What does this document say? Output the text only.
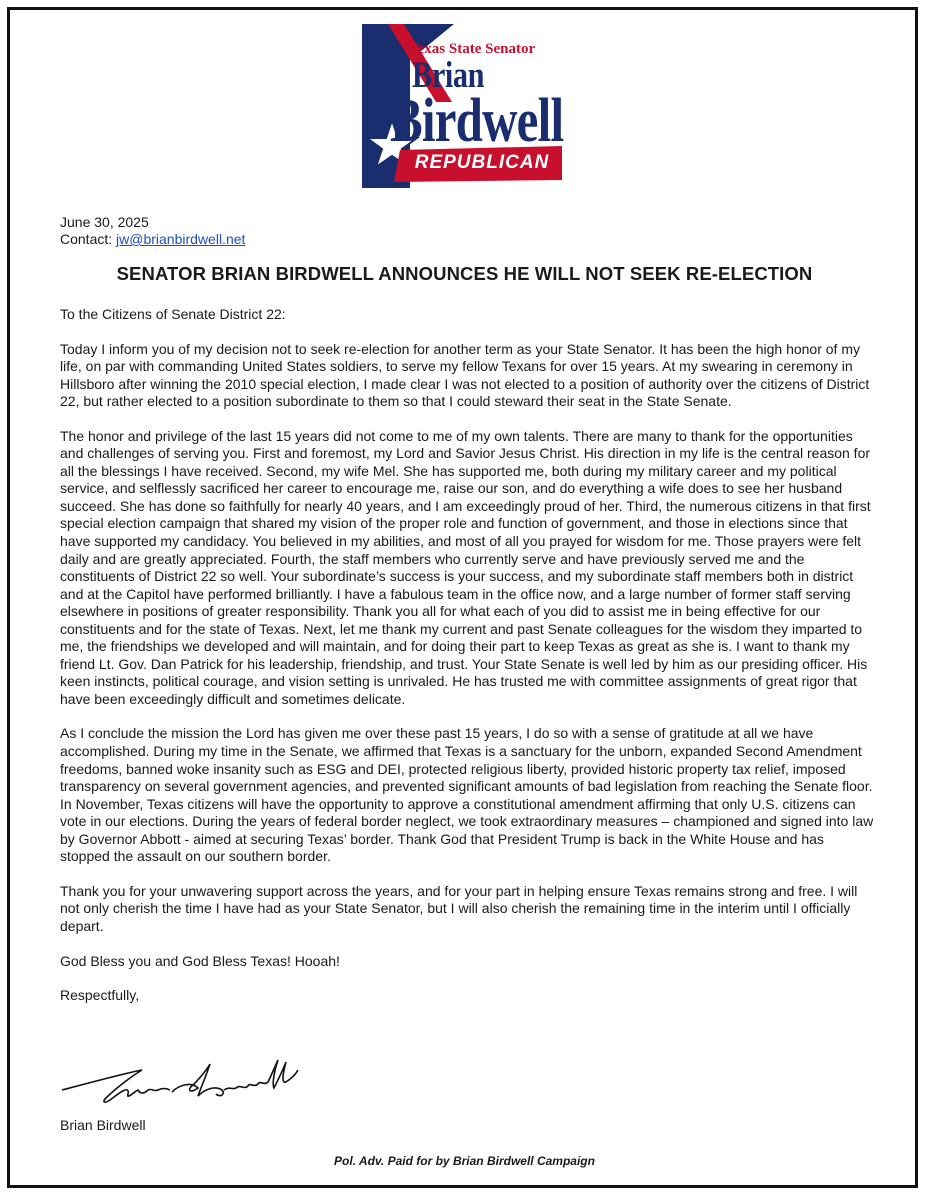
Texas State Senator
Brian
Birdwell
REPUBLICAN
June 30, 2025
Contact: jw@brianbirdwell.net
SENATOR BRIAN BIRDWELL ANNOUNCES HE WILL NOT SEEK RE-ELECTION

To the Citizens of Senate District 22:

Today I inform you of my decision not to seek re-election for another term as your State Senator. It has been the high honor of my life, on par with commanding United States soldiers, to serve my fellow Texans for over 15 years. At my swearing in ceremony in Hillsboro after winning the 2010 special election, I made clear I was not elected to a position of authority over the citizens of District 22, but rather elected to a position subordinate to them so that I could steward their seat in the State Senate.

The honor and privilege of the last 15 years did not come to me of my own talents. There are many to thank for the opportunities and challenges of serving you. First and foremost, my Lord and Savior Jesus Christ. His direction in my life is the central reason for all the blessings I have received. Second, my wife Mel. She has supported me, both during my military career and my political service, and selflessly sacrificed her career to encourage me, raise our son, and do everything a wife does to see her husband succeed. She has done so faithfully for nearly 40 years, and I am exceedingly proud of her. Third, the numerous citizens in that first special election campaign that shared my vision of the proper role and function of government, and those in elections since that have supported my candidacy. You believed in my abilities, and most of all you prayed for wisdom for me. Those prayers were felt daily and are greatly appreciated. Fourth, the staff members who currently serve and have previously served me and the constituents of District 22 so well. Your subordinate’s success is your success, and my subordinate staff members both in district and at the Capitol have performed brilliantly. I have a fabulous team in the office now, and a large number of former staff serving elsewhere in positions of greater responsibility. Thank you all for what each of you did to assist me in being effective for our constituents and for the state of Texas. Next, let me thank my current and past Senate colleagues for the wisdom they imparted to me, the friendships we developed and will maintain, and for doing their part to keep Texas as great as she is. I want to thank my friend Lt. Gov. Dan Patrick for his leadership, friendship, and trust. Your State Senate is well led by him as our presiding officer. His keen instincts, political courage, and vision setting is unrivaled. He has trusted me with committee assignments of great rigor that have been exceedingly difficult and sometimes delicate.

As I conclude the mission the Lord has given me over these past 15 years, I do so with a sense of gratitude at all we have accomplished. During my time in the Senate, we affirmed that Texas is a sanctuary for the unborn, expanded Second Amendment freedoms, banned woke insanity such as ESG and DEI, protected religious liberty, provided historic property tax relief, imposed transparency on several government agencies, and prevented significant amounts of bad legislation from reaching the Senate floor. In November, Texas citizens will have the opportunity to approve a constitutional amendment affirming that only U.S. citizens can vote in our elections. During the years of federal border neglect, we took extraordinary measures – championed and signed into law by Governor Abbott - aimed at securing Texas’ border. Thank God that President Trump is back in the White House and has stopped the assault on our southern border.

Thank you for your unwavering support across the years, and for your part in helping ensure Texas remains strong and free. I will not only cherish the time I have had as your State Senator, but I will also cherish the remaining time in the interim until I officially depart.

God Bless you and God Bless Texas! Hooah!

Respectfully,

Brian Birdwell
Pol. Adv. Paid for by Brian Birdwell Campaign
